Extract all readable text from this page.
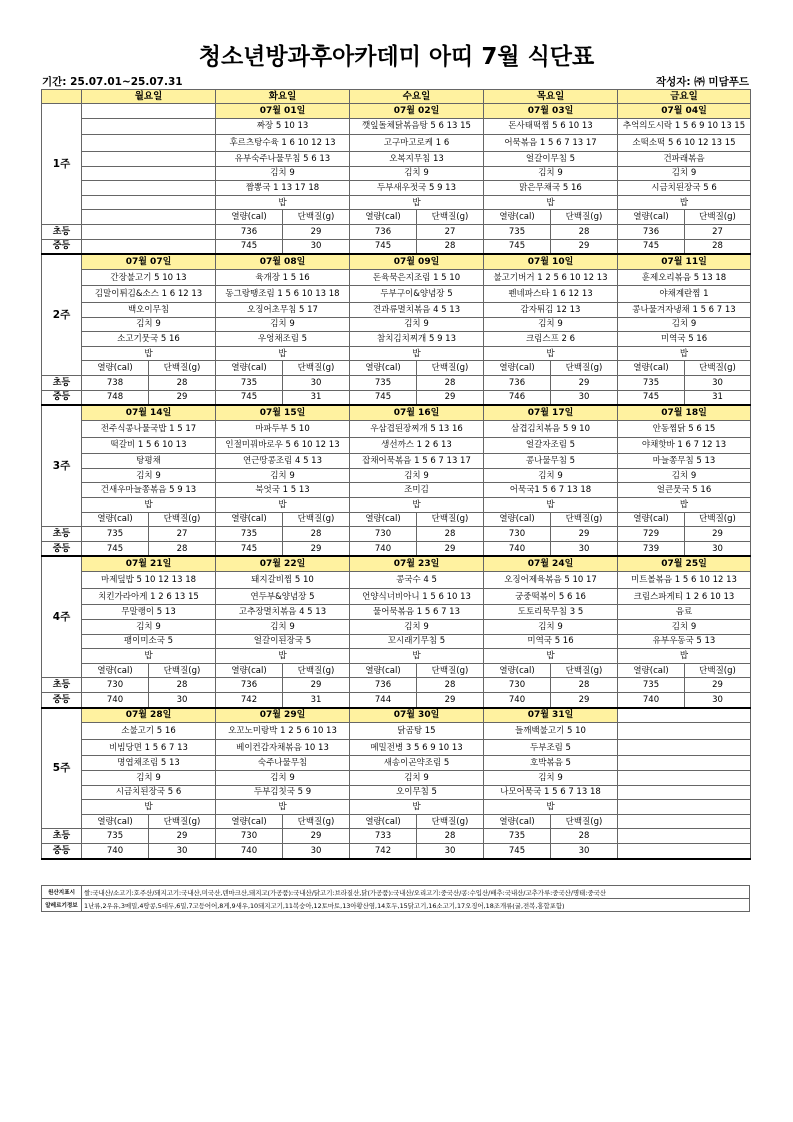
청소년방과후아카데미 아띠 7월 식단표
기간: 25.07.01~25.07.31	작성자: ㈜ 미담푸드
	월요일		화요일		수요일		목요일		금요일	
1주			07월 01일		07월 02일		07월 03일		07월 04일	
			짜장 5 10 13		깻잎돌체닭볶음탕 5 6 13 15		돈사태떡찜 5 6 10 13		추억의도시락 1 5 6 9 10 13 15	
			후르츠탕수육 1 6 10 12 13		고구마고로케 1 6		어묵볶음 1 5 6 7 13 17		소떡소떡 5 6 10 12 13 15	
			유부숙주나물무침 5 6 13		오복지무침 13		얼갈이무침 5		건파래볶음	
			김치 9		김치 9		김치 9		김치 9	
			짬뽕국 1 13 17 18		두부새우젓국 5 9 13		맑은무채국 5 16		시금치된장국 5 6	
			밥		밥		밥		밥	
			열량(cal)	단백질(g)	열량(cal)	단백질(g)	열량(cal)	단백질(g)	열량(cal)	단백질(g)
초등			736	29	736	27	735	28	736	27
중등			745	30	745	28	745	29	745	28
2주	07월 07일		07월 08일		07월 09일		07월 10일		07월 11일	
	간장불고기 5 10 13		육개장 1 5 16		돈육묵은지조림 1 5 10		불고기버거 1 2 5 6 10 12 13		훈제오리볶음 5 13 18	
	김말이튀김&소스 1 6 12 13		동그랑땡조림 1 5 6 10 13 18		두부구이&양념장 5		펜네파스타 1 6 12 13		야채계란찜 1	
	백오이무침		오징어초무침 5 17		견과류멸치볶음 4 5 13		감자튀김 12 13		콩나물겨자냉채 1 5 6 7 13	
	김치 9		김치 9		김치 9		김치 9		김치 9	
	소고기뭇국 5 16		우엉채조림 5		참치김치찌개 5 9 13		크림스프 2 6		미역국 5 16	
	밥		밥		밥		밥		밥	
	열량(cal)	단백질(g)	열량(cal)	단백질(g)	열량(cal)	단백질(g)	열량(cal)	단백질(g)	열량(cal)	단백질(g)
초등	738	28	735	30	735	28	736	29	735	30
중등	748	29	745	31	745	29	746	30	745	31
3주	07월 14일		07월 15일		07월 16일		07월 17일		07월 18일	
	전주식콩나물국밥 1 5 17		마파두부 5 10		우삼겹된장찌개 5 13 16		삼겹김치볶음 5 9 10		안동찜닭 5 6 15	
	떡갈비 1 5 6 10 13		인절미꿔바로우 5 6 10 12 13		생선까스 1 2 6 13		얼갈자조림 5		야채핫바 1 6 7 12 13	
	탕평채		연근땅콩조림 4 5 13		잡채어묵볶음 1 5 6 7 13 17		콩나물무침 5		마늘쫑무침 5 13	
	김치 9		김치 9		김치 9		김치 9		김치 9	
	건새우마늘쫑볶음 5 9 13		북엇국 1 5 13		조미김		어묵국1 5 6 7 13 18		얼큰뭇국 5 16	
	밥		밥		밥		밥		밥	
	열량(cal)	단백질(g)	열량(cal)	단백질(g)	열량(cal)	단백질(g)	열량(cal)	단백질(g)	열량(cal)	단백질(g)
초등	735	27	735	28	730	28	730	29	729	29
중등	745	28	745	29	740	29	740	30	739	30
4주	07월 21일		07월 22일		07월 23일		07월 24일		07월 25일	
	마제덮밥 5 10 12 13 18		돼지갈비찜 5 10		콩국수 4 5		오징어제육볶음 5 10 17		미트볼볶음 1 5 6 10 12 13	
	치킨가라아게 1 2 6 13 15		연두부&양념장 5		언양식너비아니 1 5 6 10 13		궁중떡볶이 5 6 16		크림스파게티 1 2 6 10 13	
	무말랭이 5 13		고추장멸치볶음 4 5 13		물어묵볶음 1 5 6 7 13		도토리묵무침 3 5		음료	
	김치 9		김치 9		김치 9		김치 9		김치 9	
	팽이미소국 5		얼갈이된장국 5		꼬시래기무침 5		미역국 5 16		유부우동국 5 13	
	밥		밥		밥		밥		밥	
	열량(cal)	단백질(g)	열량(cal)	단백질(g)	열량(cal)	단백질(g)	열량(cal)	단백질(g)	열량(cal)	단백질(g)
초등	730	28	736	29	736	28	730	28	735	29
중등	740	30	742	31	744	29	740	29	740	30
5주	07월 28일		07월 29일		07월 30일		07월 31일			
	소불고기 5 16		오꼬노미랑박 1 2 5 6 10 13		닭곰탕 15		들깨백불고기 5 10			
	비빔당면 1 5 6 7 13		베이컨감자채볶음 10 13		메밀전병 3 5 6 9 10 13		두부조림 5			
	명엽채조림 5 13		숙주나물무침		새송이곤약조림 5		호박볶음 5			
	김치 9		김치 9		김치 9		김치 9			
	시금치된장국 5 6		두부김칫국 5 9		오이무침 5		나모어묵국 1 5 6 7 13 18			
	밥		밥		밥		밥			
	열량(cal)	단백질(g)	열량(cal)	단백질(g)	열량(cal)	단백질(g)	열량(cal)	단백질(g)		
초등	735	29	730	29	733	28	735	28		
중등	740	30	740	30	742	30	745	30		
원산지표시	쌀:국내산/소고기:호주산/돼지고기:국내산,미국산,덴마크산,돼지고(가공품):국내산/닭고기:브라질산,닭(가공품):국내산/오리고기:중국산/콩:수입산/배추:국내산/고추가루:중국산/명태:중국산
알레르기정보	1난류,2우유,3메밀,4땅콩,5대두,6밀,7고등어어,8게,9새우,10돼지고기,11복숭아,12토마토,13아황산염,14호두,15닭고기,16소고기,17오징어,18조개류(굴,전복,홍합포함)
